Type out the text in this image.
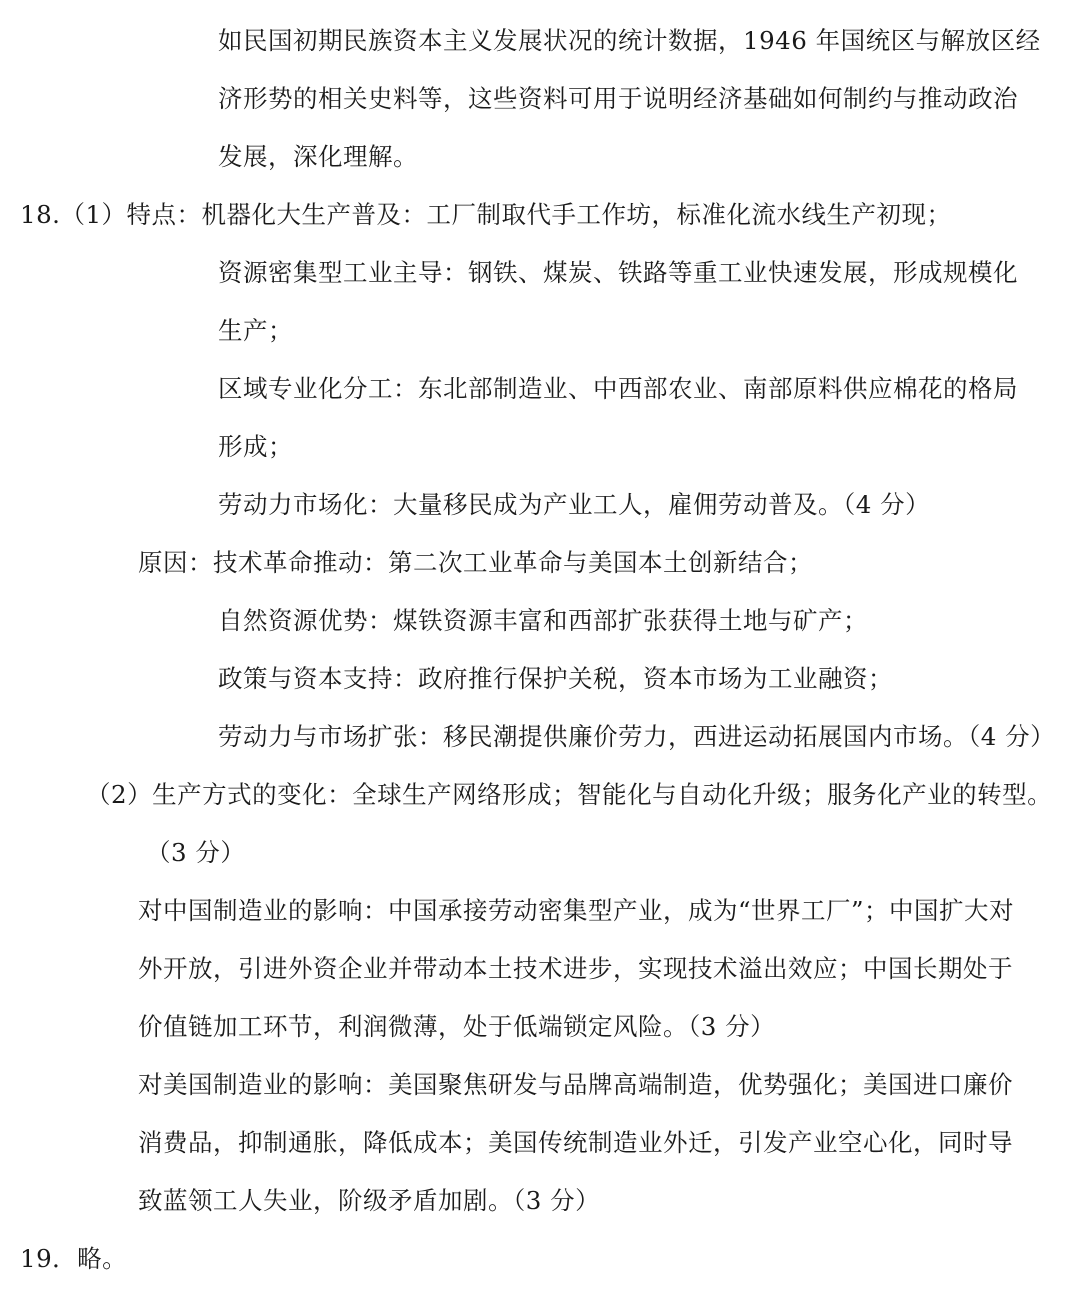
如民国初期民族资本主义发展状况的统计数据，1946 年国统区与解放区经
济形势的相关史料等，这些资料可用于说明经济基础如何制约与推动政治
发展，深化理解。
18.（1）特点：机器化大生产普及：工厂制取代手工作坊，标准化流水线生产初现；
资源密集型工业主导：钢铁、煤炭、铁路等重工业快速发展，形成规模化
生产；
区域专业化分工：东北部制造业、中西部农业、南部原料供应棉花的格局
形成；
劳动力市场化：大量移民成为产业工人，雇佣劳动普及。（4 分）
原因：技术革命推动：第二次工业革命与美国本土创新结合；
自然资源优势：煤铁资源丰富和西部扩张获得土地与矿产；
政策与资本支持：政府推行保护关税，资本市场为工业融资；
劳动力与市场扩张：移民潮提供廉价劳力，西进运动拓展国内市场。（4 分）
（2）生产方式的变化：全球生产网络形成；智能化与自动化升级；服务化产业的转型。
（3 分）
对中国制造业的影响：中国承接劳动密集型产业，成为“世界工厂”；中国扩大对
外开放，引进外资企业并带动本土技术进步，实现技术溢出效应；中国长期处于
价值链加工环节，利润微薄，处于低端锁定风险。（3 分）
对美国制造业的影响：美国聚焦研发与品牌高端制造，优势强化；美国进口廉价
消费品，抑制通胀，降低成本；美国传统制造业外迁，引发产业空心化，同时导
致蓝领工人失业，阶级矛盾加剧。（3 分）
19．略。
